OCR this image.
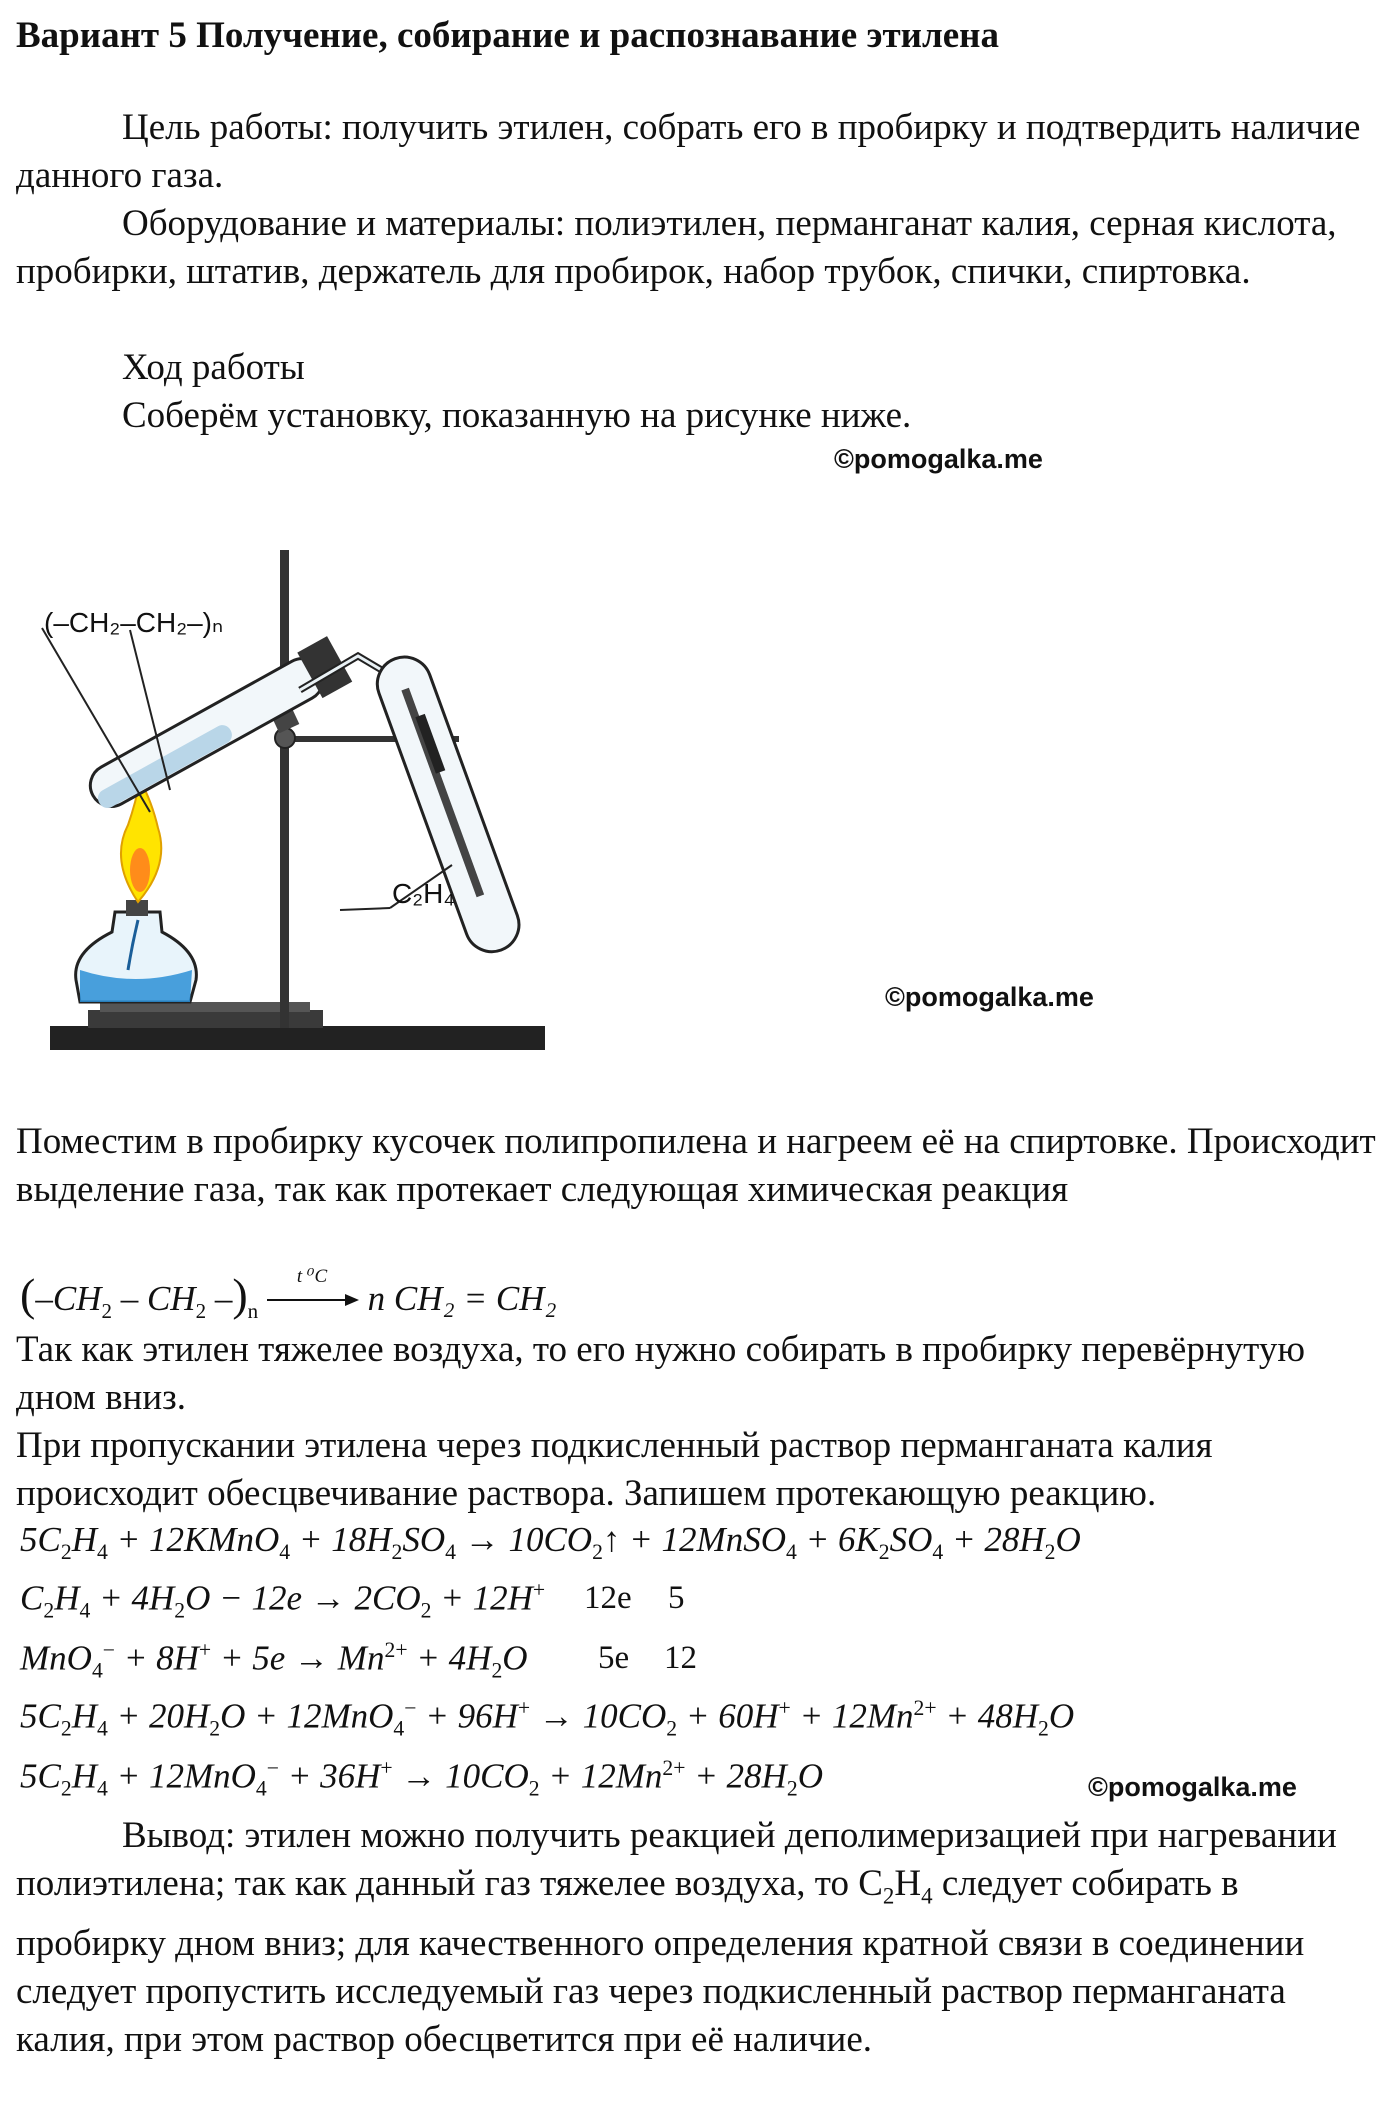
Вариант 5 Получение, собирание и распознавание этилена

Цель работы: получить этилен, собрать его в пробирку и подтвердить наличие данного газа.

Оборудование и материалы: полиэтилен, перманганат калия, серная кислота, пробирки, штатив, держатель для пробирок, набор трубок, спички, спиртовка.

Ход работы

Соберём установку, показанную на рисунке ниже.

©pomogalka.me
(–CH₂–CH₂–)ₙ
C₂H₄
©pomogalka.me

Поместим в пробирку кусочек полипропилена и нагреем её на спиртовке. Происходит выделение газа, так как протекает следующая химическая реакция

($-CH_2 - CH_2$ $-)_n$
t ⁰C
n CH₂ = CH₂

Так как этилен тяжелее воздуха, то его нужно собирать в пробирку перевёрнутую дном вниз.

При пропускании этилена через подкисленный раствор перманганата калия происходит обесцвечивание раствора. Запишем протекающую реакцию.

$5C_2H_4$ + 12KMnO$_4$ + $18H_2SO_4$ → $10CO_2↑$ + 12MnSO$_4$ + $6K_2SO_4 + 28H_2O$
$C_2H_4 + 4H_2O - 12e \to 2CO_2 + 12H^+$ 12e 5
$MnO_4^- + 8H^+ + 5e \to Mn^{2+} + 4H_2O$ 5e 12
$5C_2H_4 + 20H_2O + 12MnO_4^- + 96H^+ \to 10CO_2 + 60H^+ + 12Mn^{2+} + 48H_2O$
$5C_2H_4 + 12MnO_4^- + 36H^+ \to 10CO_2 + 12Mn^{2+} + 28H_2O$	©pomogalka.me

Вывод: этилен можно получить реакцией деполимеризацией при нагревании полиэтилена; так как данный газ тяжелее воздуха, то $C_2H_4$ следует собирать в пробирку дном вниз; для качественного определения кратной связи в соединении следует пропустить исследуемый газ через подкисленный раствор перманганата калия, при этом раствор обесцветится при её наличие.
